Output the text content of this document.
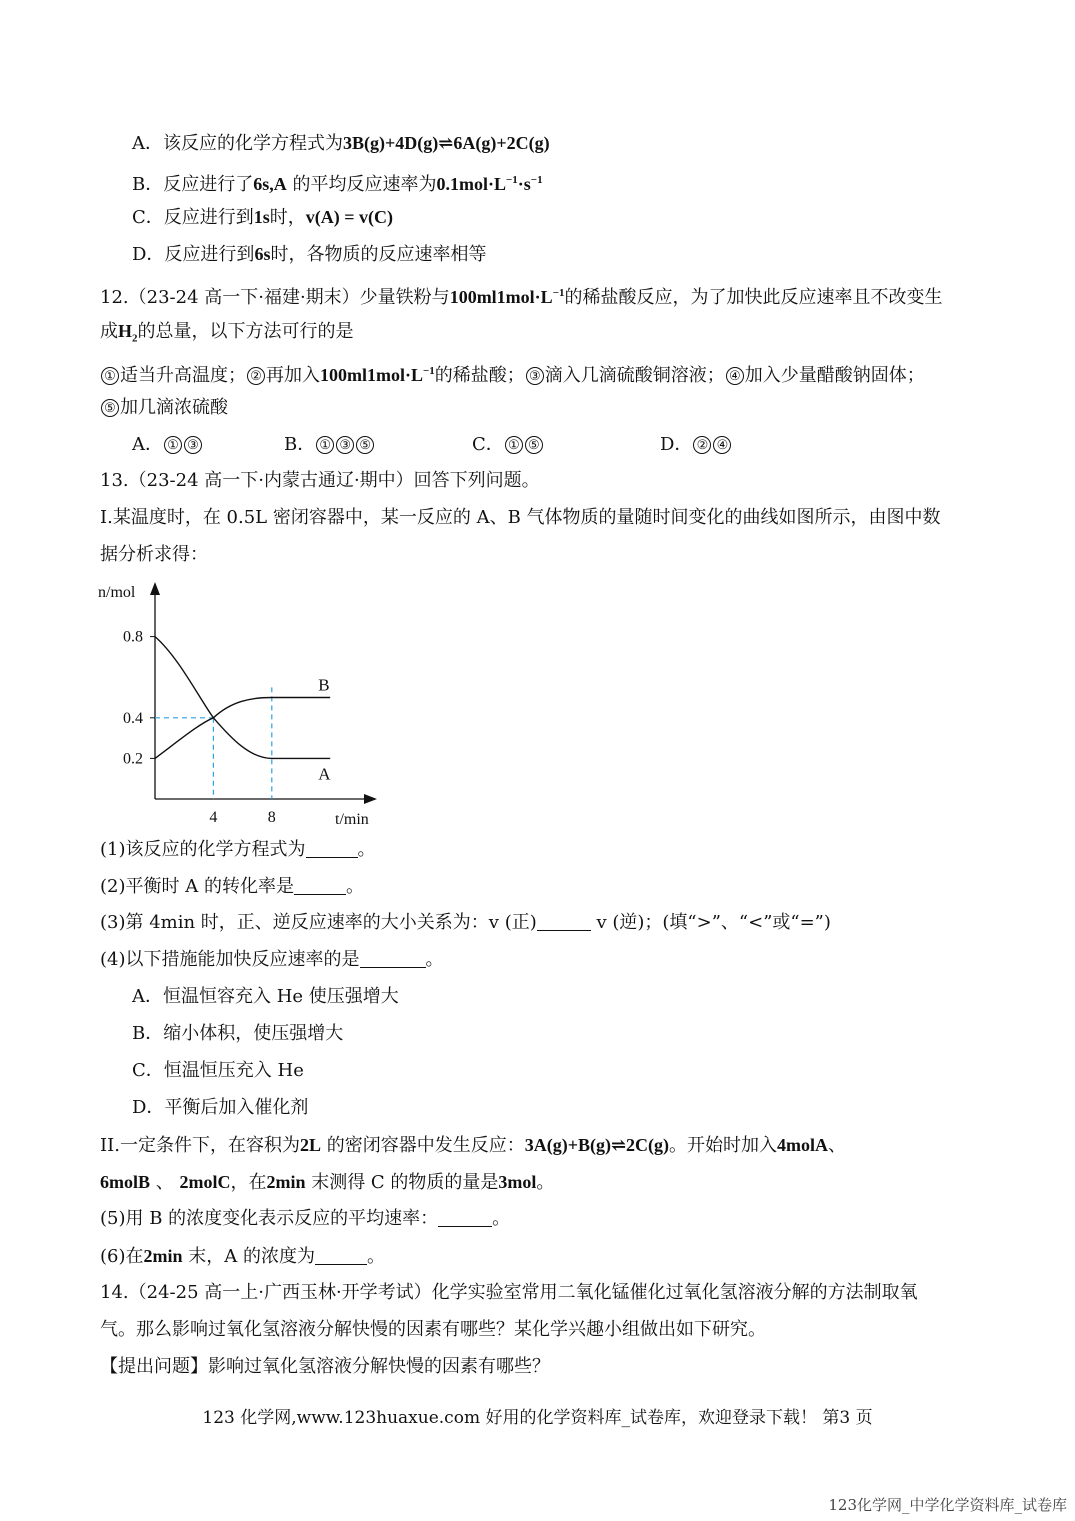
A．该反应的化学方程式为3B(g)+4D(g)⇌6A(g)+2C(g)
B．反应进行了6s,A 的平均反应速率为$0.1mol\cdot L^{-1}\cdot s^{-1}$
C．反应进行到1s时，v(A) = v(C)
D．反应进行到6s时，各物质的反应速率相等
12.（23-24 高一下·福建·期末）少量铁粉与$100ml1mol\cdot L^{-1}$的稀盐酸反应，为了加快此反应速率且不改变生
成$H_2$的总量，以下方法可行的是
① 适当升高温度； ② 再加入$100ml1mol\cdot L^{-1}$的稀盐酸； ③ 滴入几滴硫酸铜溶液； ④ 加入少量醋酸钠固体；
⑤ 加几滴浓硫酸
A． ① ③	B． ① ③ ⑤	C． ① ⑤	D． ② ④
13.（23-24 高一下·内蒙古通辽·期中）回答下列问题。
I.某温度时，在 0.5L 密闭容器中，某一反应的 A、B 气体物质的量随时间变化的曲线如图所示，由图中数
据分析求得：
0.8
0.4
0.2
4	8
n/mol
t/min
A
B
(1)该反应的化学方程式为	。
(2)平衡时 A 的转化率是	。
(3)第 4min 时，正、逆反应速率的大小关系为：v (正)	v (逆)；(填“>”、“<”或“=”)
(4)以下措施能加快反应速率的是	。
A．恒温恒容充入 He 使压强增大
B．缩小体积，使压强增大
C．恒温恒压充入 He
D．平衡后加入催化剂
II.一定条件下，在容积为2L 的密闭容器中发生反应：3A(g)+B(g)⇌2C(g)。开始时加入4molA、
6molB 、 2molC，在2min 末测得 C 的物质的量是3mol。
(5)用 B 的浓度变化表示反应的平均速率：	。
(6)在2min 末，A 的浓度为	。
14.（24-25 高一上·广西玉林·开学考试）化学实验室常用二氧化锰催化过氧化氢溶液分解的方法制取氧
气。那么影响过氧化氢溶液分解快慢的因素有哪些？某化学兴趣小组做出如下研究。
【提出问题】影响过氧化氢溶液分解快慢的因素有哪些？
123 化学网,www.123huaxue.com 好用的化学资料库_试卷库，欢迎登录下载！ 第3 页
123化学网_中学化学资料库_试卷库
